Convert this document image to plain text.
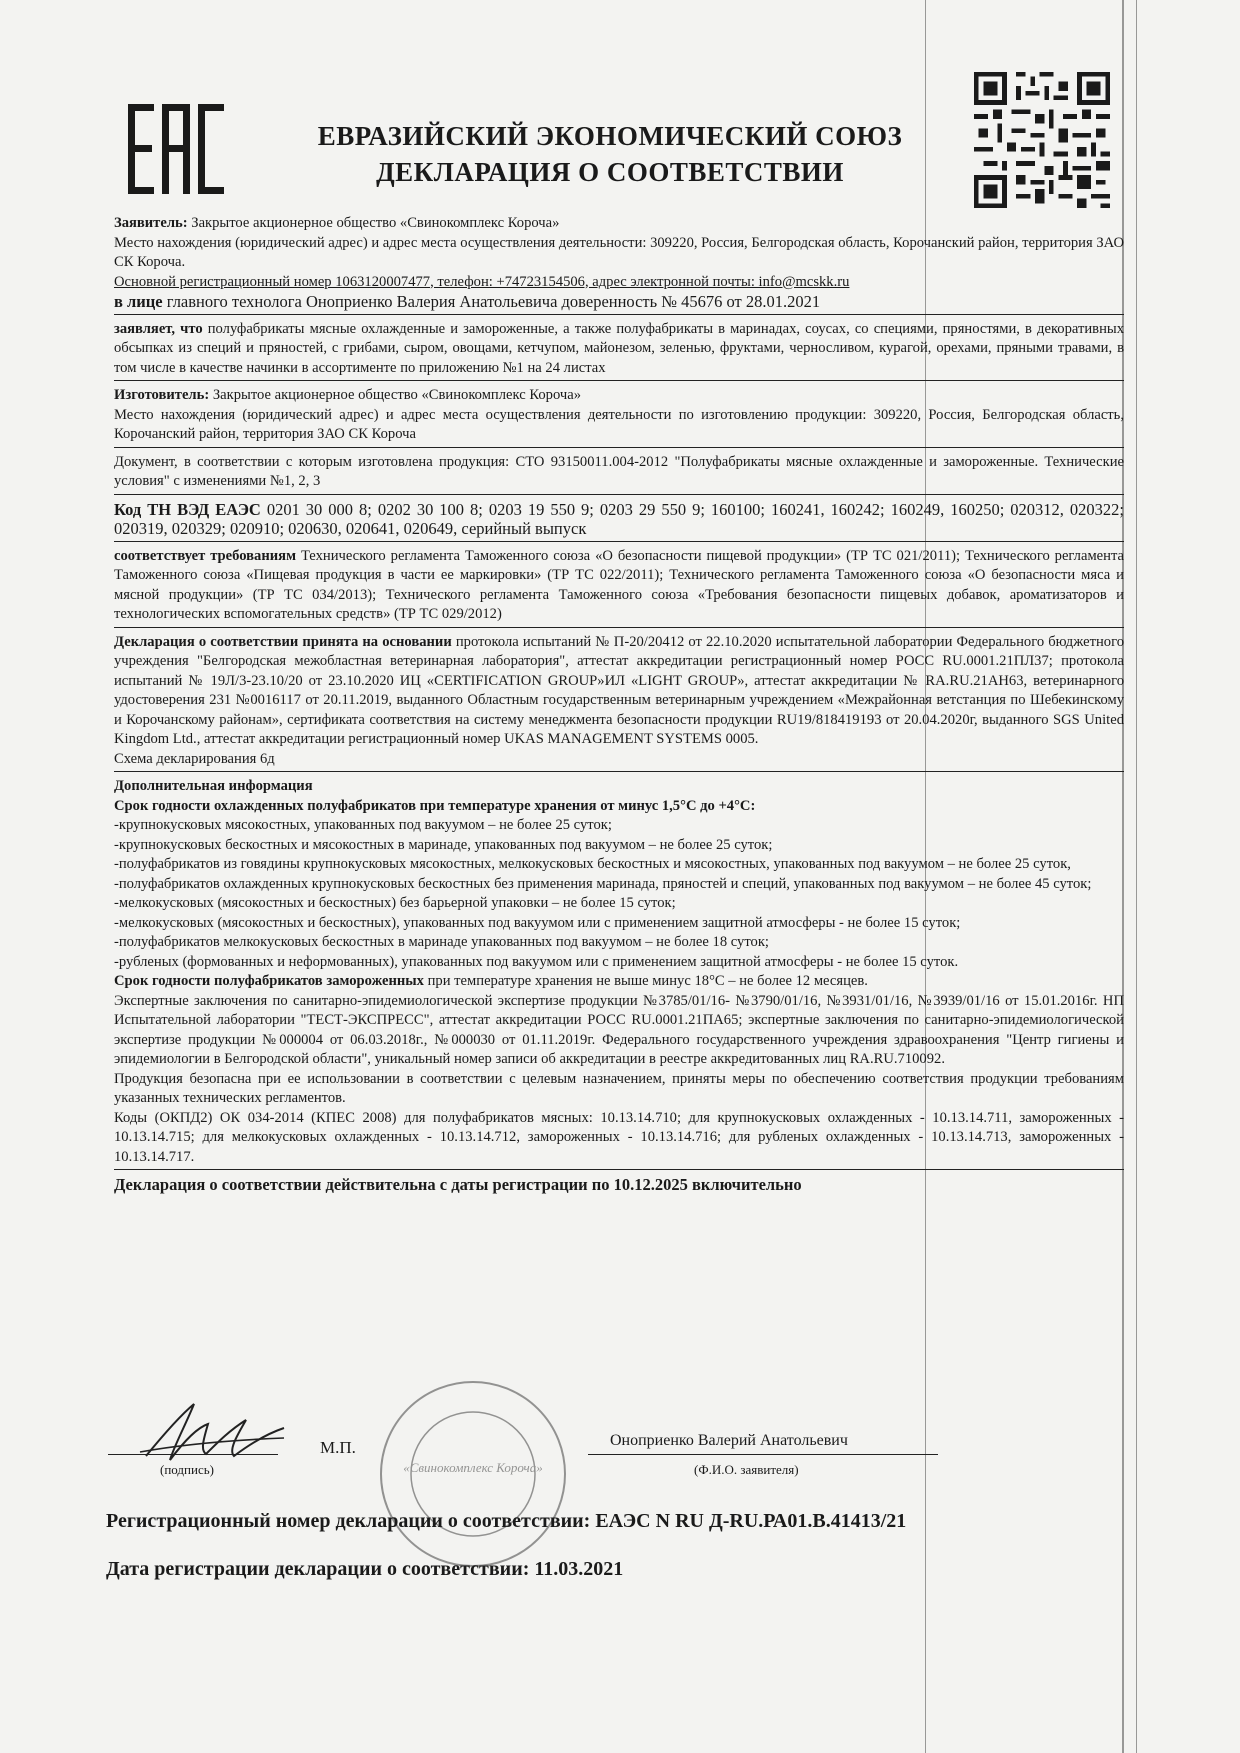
ЕВРАЗИЙСКИЙ ЭКОНОМИЧЕСКИЙ СОЮЗ
ДЕКЛАРАЦИЯ О СООТВЕТСТВИИ

Заявитель: Закрытое акционерное общество «Свинокомплекс Короча»

Место нахождения (юридический адрес) и адрес места осуществления деятельности: 309220, Россия, Белгородская область, Корочанский район, территория ЗАО СК Короча.

Основной регистрационный номер 1063120007477, телефон: +74723154506, адрес электронной почты: info@mcskk.ru

в лице главного технолога Оноприенко Валерия Анатольевича доверенность № 45676 от 28.01.2021

заявляет, что полуфабрикаты мясные охлажденные и замороженные, а также полуфабрикаты в маринадах, соусах, со специями, пряностями, в декоративных обсыпках из специй и пряностей, с грибами, сыром, овощами, кетчупом, майонезом, зеленью, фруктами, черносливом, курагой, орехами, пряными травами, в том числе в качестве начинки в ассортименте по приложению №1 на 24 листах

Изготовитель: Закрытое акционерное общество «Свинокомплекс Короча»

Место нахождения (юридический адрес) и адрес места осуществления деятельности по изготовлению продукции: 309220, Россия, Белгородская область, Корочанский район, территория ЗАО СК Короча

Документ, в соответствии с которым изготовлена продукция: СТО 93150011.004-2012 "Полуфабрикаты мясные охлажденные и замороженные. Технические условия" с изменениями №1, 2, 3

Код ТН ВЭД ЕАЭС 0201 30 000 8; 0202 30 100 8; 0203 19 550 9; 0203 29 550 9; 160100; 160241, 160242; 160249, 160250; 020312, 020322; 020319, 020329; 020910; 020630, 020641, 020649, серийный выпуск

соответствует требованиям Технического регламента Таможенного союза «О безопасности пищевой продукции» (ТР ТС 021/2011); Технического регламента Таможенного союза «Пищевая продукция в части ее маркировки» (ТР ТС 022/2011); Технического регламента Таможенного союза «О безопасности мяса и мясной продукции» (ТР ТС 034/2013); Технического регламента Таможенного союза «Требования безопасности пищевых добавок, ароматизаторов и технологических вспомогательных средств» (ТР ТС 029/2012)

Декларация о соответствии принята на основании протокола испытаний № П-20/20412 от 22.10.2020 испытательной лаборатории Федерального бюджетного учреждения "Белгородская межобластная ветеринарная лаборатория", аттестат аккредитации регистрационный номер РОСС RU.0001.21ПЛ37; протокола испытаний № 19Л/3-23.10/20 от 23.10.2020 ИЦ «CERTIFICATION GROUP»ИЛ «LIGHT GROUP», аттестат аккредитации № RA.RU.21АН63, ветеринарного удостоверения 231 №0016117 от 20.11.2019, выданного Областным государственным ветеринарным учреждением «Межрайонная ветстанция по Шебекинскому и Корочанскому районам», сертификата соответствия на систему менеджмента безопасности продукции RU19/818419193 от 20.04.2020г, выданного SGS United Kingdom Ltd., аттестат аккредитации регистрационный номер UKAS MANAGEMENT SYSTEMS 0005.

Схема декларирования 6д

Дополнительная информация

Срок годности охлажденных полуфабрикатов при температуре хранения от минус 1,5°С до +4°С:

-крупнокусковых мясокостных, упакованных под вакуумом – не более 25 суток;

-крупнокусковых бескостных и мясокостных в маринаде, упакованных под вакуумом – не более 25 суток;

-полуфабрикатов из говядины крупнокусковых мясокостных, мелкокусковых бескостных и мясокостных, упакованных под вакуумом – не более 25 суток,

-полуфабрикатов охлажденных крупнокусковых бескостных без применения маринада, пряностей и специй, упакованных под вакуумом – не более 45 суток;

-мелкокусковых (мясокостных и бескостных) без барьерной упаковки – не более 15 суток;

-мелкокусковых (мясокостных и бескостных), упакованных под вакуумом или с применением защитной атмосферы - не более 15 суток;

-полуфабрикатов мелкокусковых бескостных в маринаде упакованных под вакуумом – не более 18 суток;

-рубленых (формованных и неформованных), упакованных под вакуумом или с применением защитной атмосферы - не более 15 суток.

Срок годности полуфабрикатов замороженных при температуре хранения не выше минус 18°С – не более 12 месяцев.

Экспертные заключения по санитарно-эпидемиологической экспертизе продукции №3785/01/16- №3790/01/16, №3931/01/16, №3939/01/16 от 15.01.2016г. НП Испытательной лаборатории "ТЕСТ-ЭКСПРЕСС", аттестат аккредитации РОСС RU.0001.21ПА65; экспертные заключения по санитарно-эпидемиологической экспертизе продукции №000004 от 06.03.2018г., №000030 от 01.11.2019г. Федерального государственного учреждения здравоохранения "Центр гигиены и эпидемиологии в Белгородской области", уникальный номер записи об аккредитации в реестре аккредитованных лиц RA.RU.710092.

Продукция безопасна при ее использовании в соответствии с целевым назначением, приняты меры по обеспечению соответствия продукции требованиям указанных технических регламентов.

Коды (ОКПД2) ОК 034-2014 (КПЕС 2008) для полуфабрикатов мясных: 10.13.14.710; для крупнокусковых охлажденных - 10.13.14.711, замороженных - 10.13.14.715; для мелкокусковых охлажденных - 10.13.14.712, замороженных - 10.13.14.716; для рубленых охлажденных - 10.13.14.713, замороженных - 10.13.14.717.

Декларация о соответствии действительна с даты регистрации по 10.12.2025 включительно

(подпись)
М.П.
«Свинокомплекс Короча»
Оноприенко Валерий Анатольевич
(Ф.И.О. заявителя)
Регистрационный номер декларации о соответствии: ЕАЭС N RU Д-RU.РА01.В.41413/21
Дата регистрации декларации о соответствии: 11.03.2021
